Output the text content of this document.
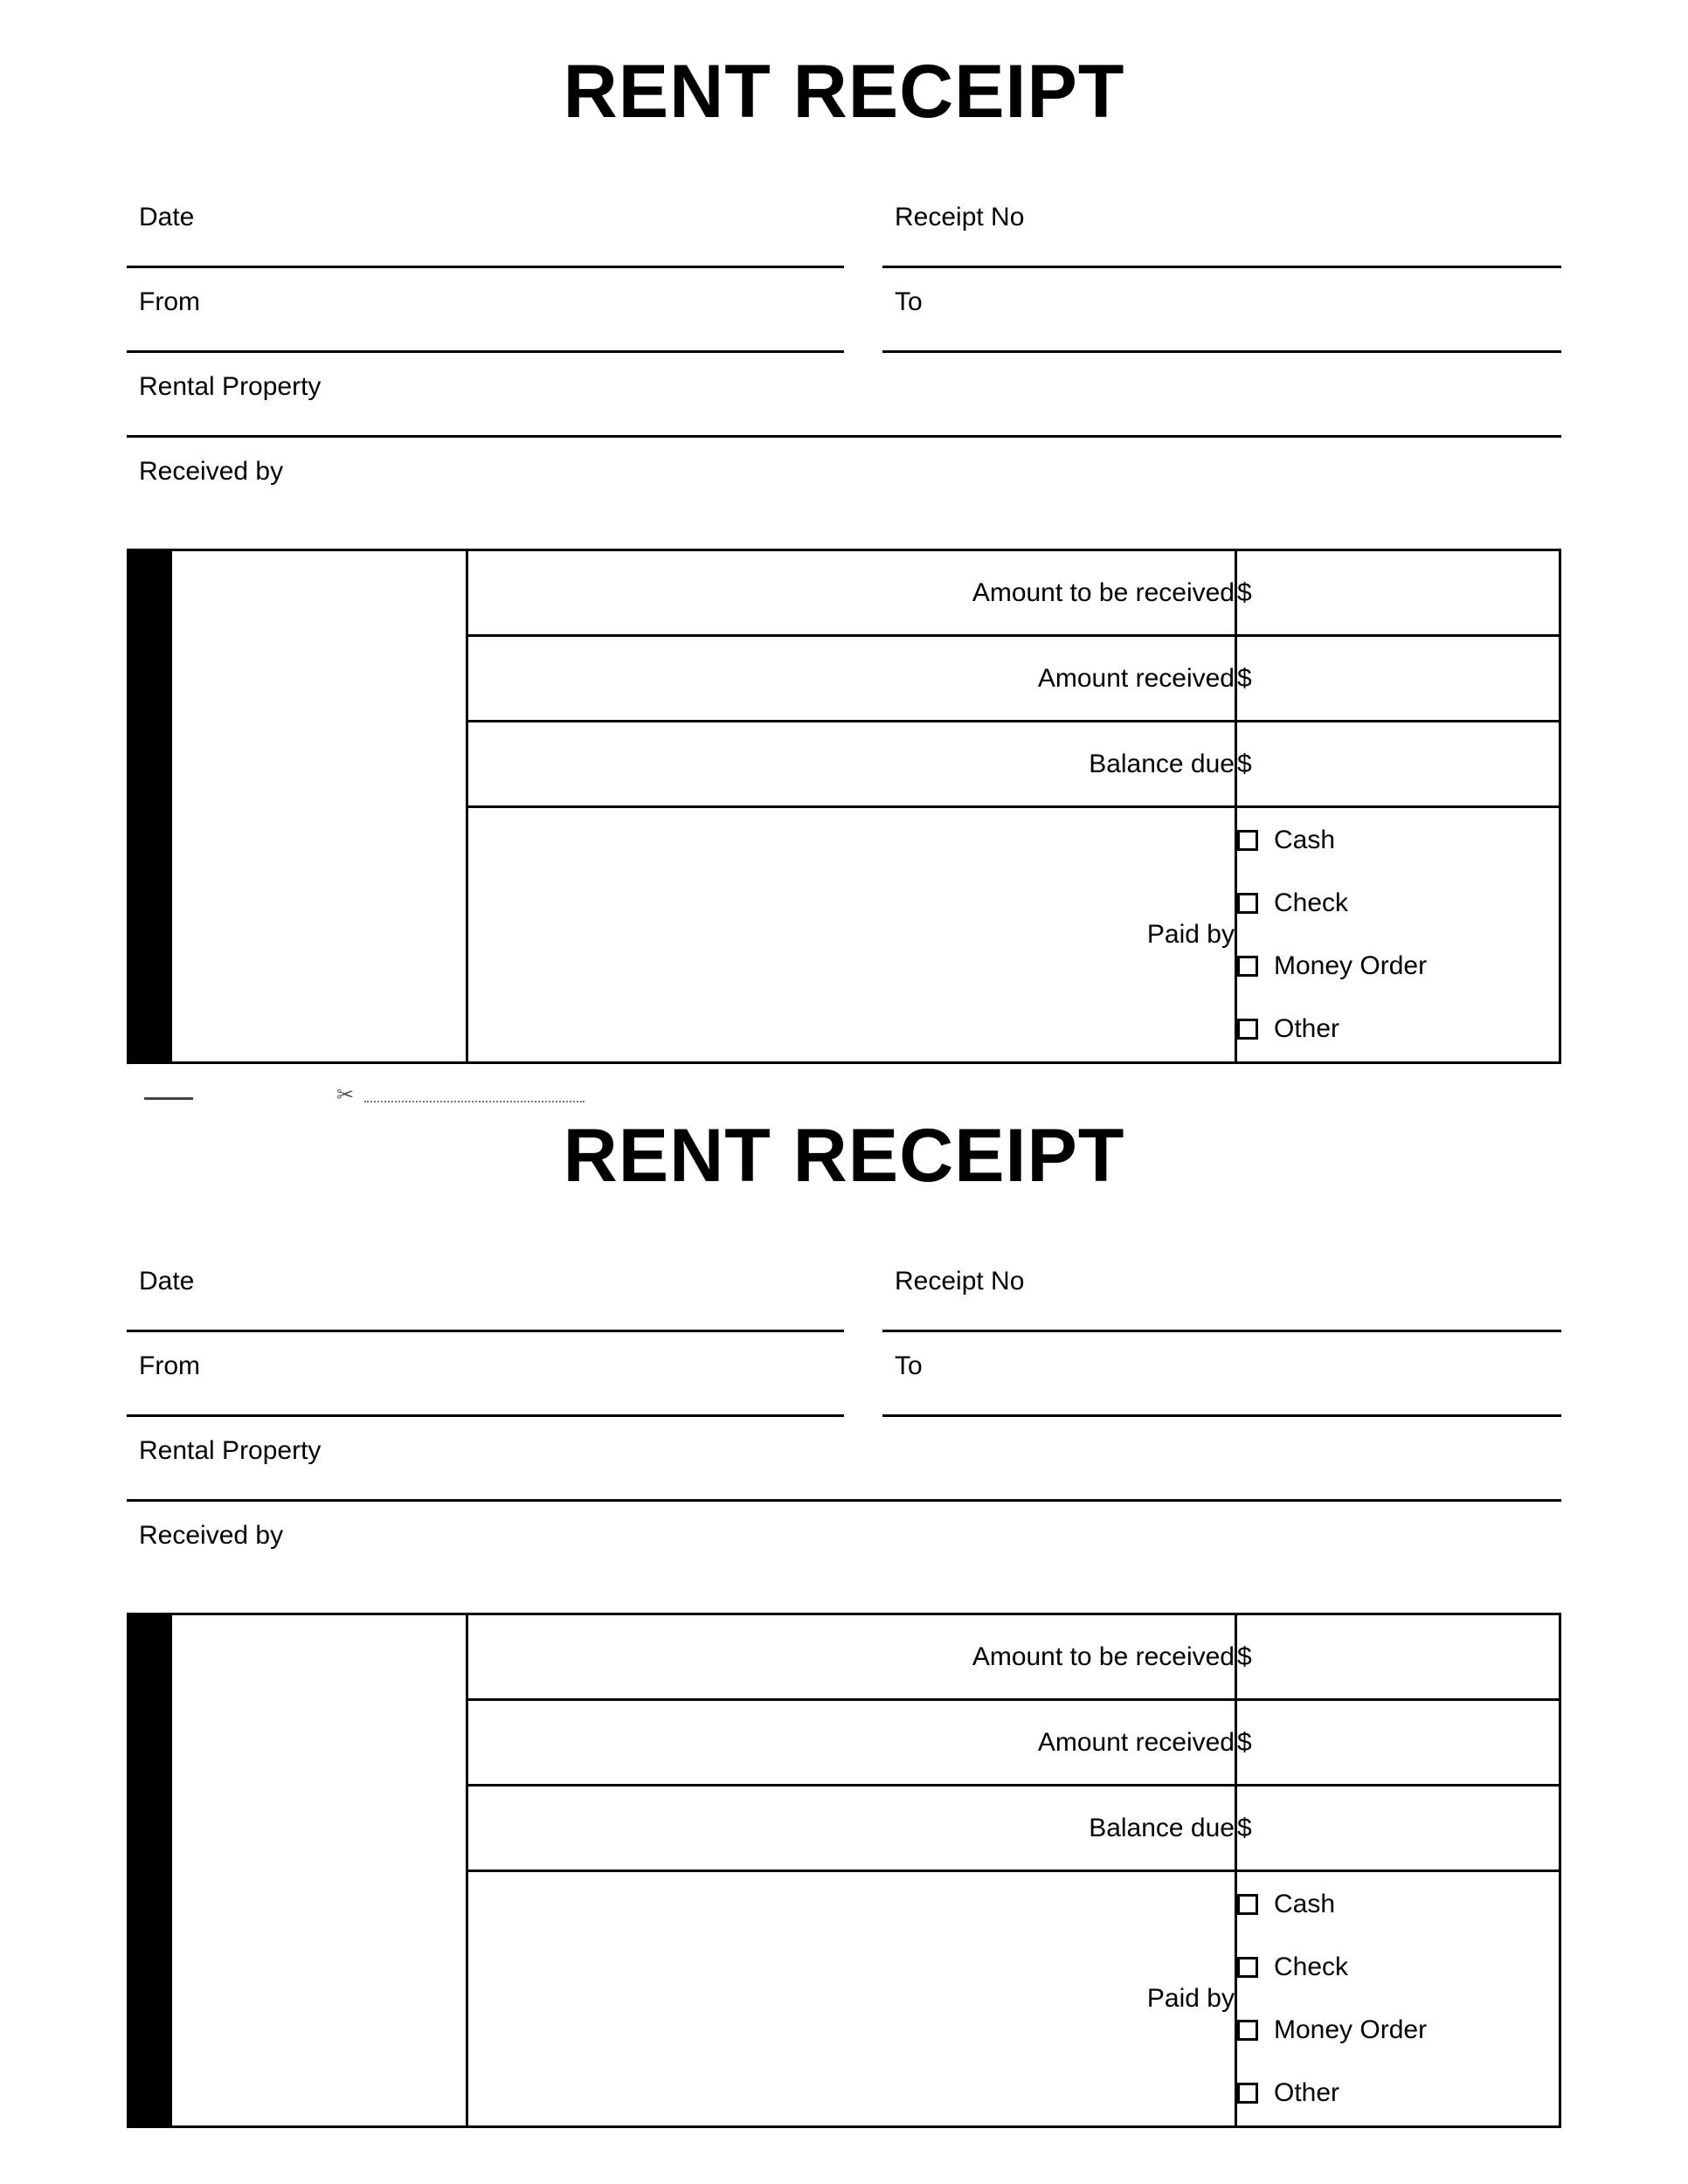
RENT RECEIPT
Date	Receipt No
From	To
Rental Property
Received by
		Amount to be received	$
		Amount received	$
		Balance due	$
		Paid by	Cash
Check
Money Order
Other
✂
RENT RECEIPT
Date	Receipt No
From	To
Rental Property
Received by
		Amount to be received	$
		Amount received	$
		Balance due	$
		Paid by	Cash
Check
Money Order
Other
